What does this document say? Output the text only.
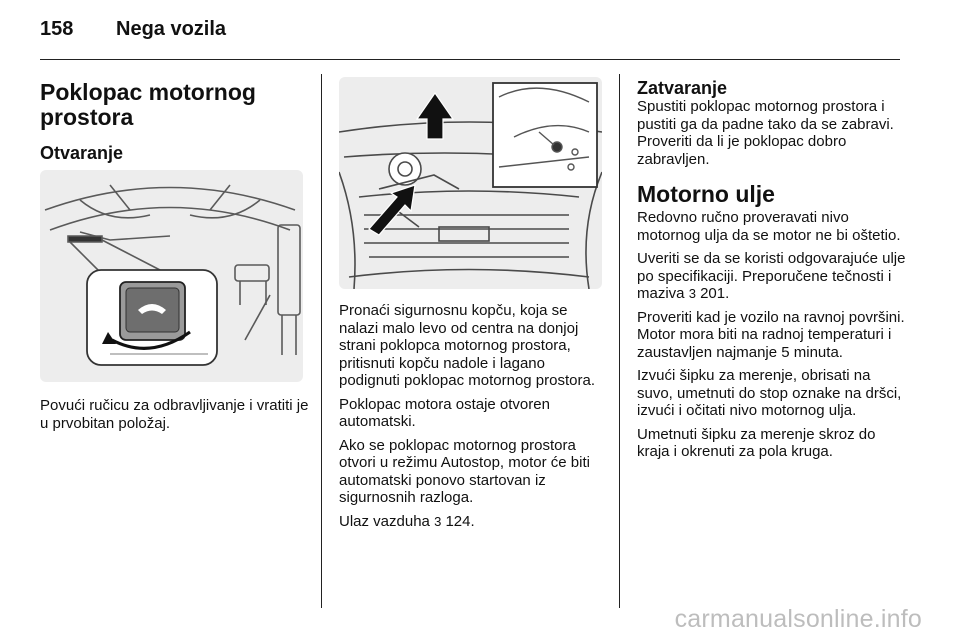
158 Nega vozila
Poklopac motornog prostora
Otvaranje
Povući ručicu za odbravljivanje i vratiti je u prvobitan položaj.

Pronaći sigurnosnu kopču, koja se nalazi malo levo od centra na donjoj strani poklopca motornog prostora, pritisnuti kopču nadole i lagano podignuti poklopac motornog prostora.

Poklopac motora ostaje otvoren automatski.

Ako se poklopac motornog prostora otvori u režimu Autostop, motor će biti automatski ponovo startovan iz sigurnosnih razloga.

Ulaz vazduha 3 124.

Zatvaranje

Spustiti poklopac motornog prostora i pustiti ga da padne tako da se zabravi. Proveriti da li je poklopac dobro zabravljen.

Motorno ulje

Redovno ručno proveravati nivo motornog ulja da se motor ne bi oštetio.

Uveriti se da se koristi odgovarajuće ulje po specifikaciji. Preporučene tečnosti i maziva 3 201.

Proveriti kad je vozilo na ravnoj površini. Motor mora biti na radnoj temperaturi i zaustavljen najmanje 5 minuta.

Izvući šipku za merenje, obrisati na suvo, umetnuti do stop oznake na dršci, izvući i očitati nivo motornog ulja.

Umetnuti šipku za merenje skroz do kraja i okrenuti za pola kruga.

carmanualsonline.info
